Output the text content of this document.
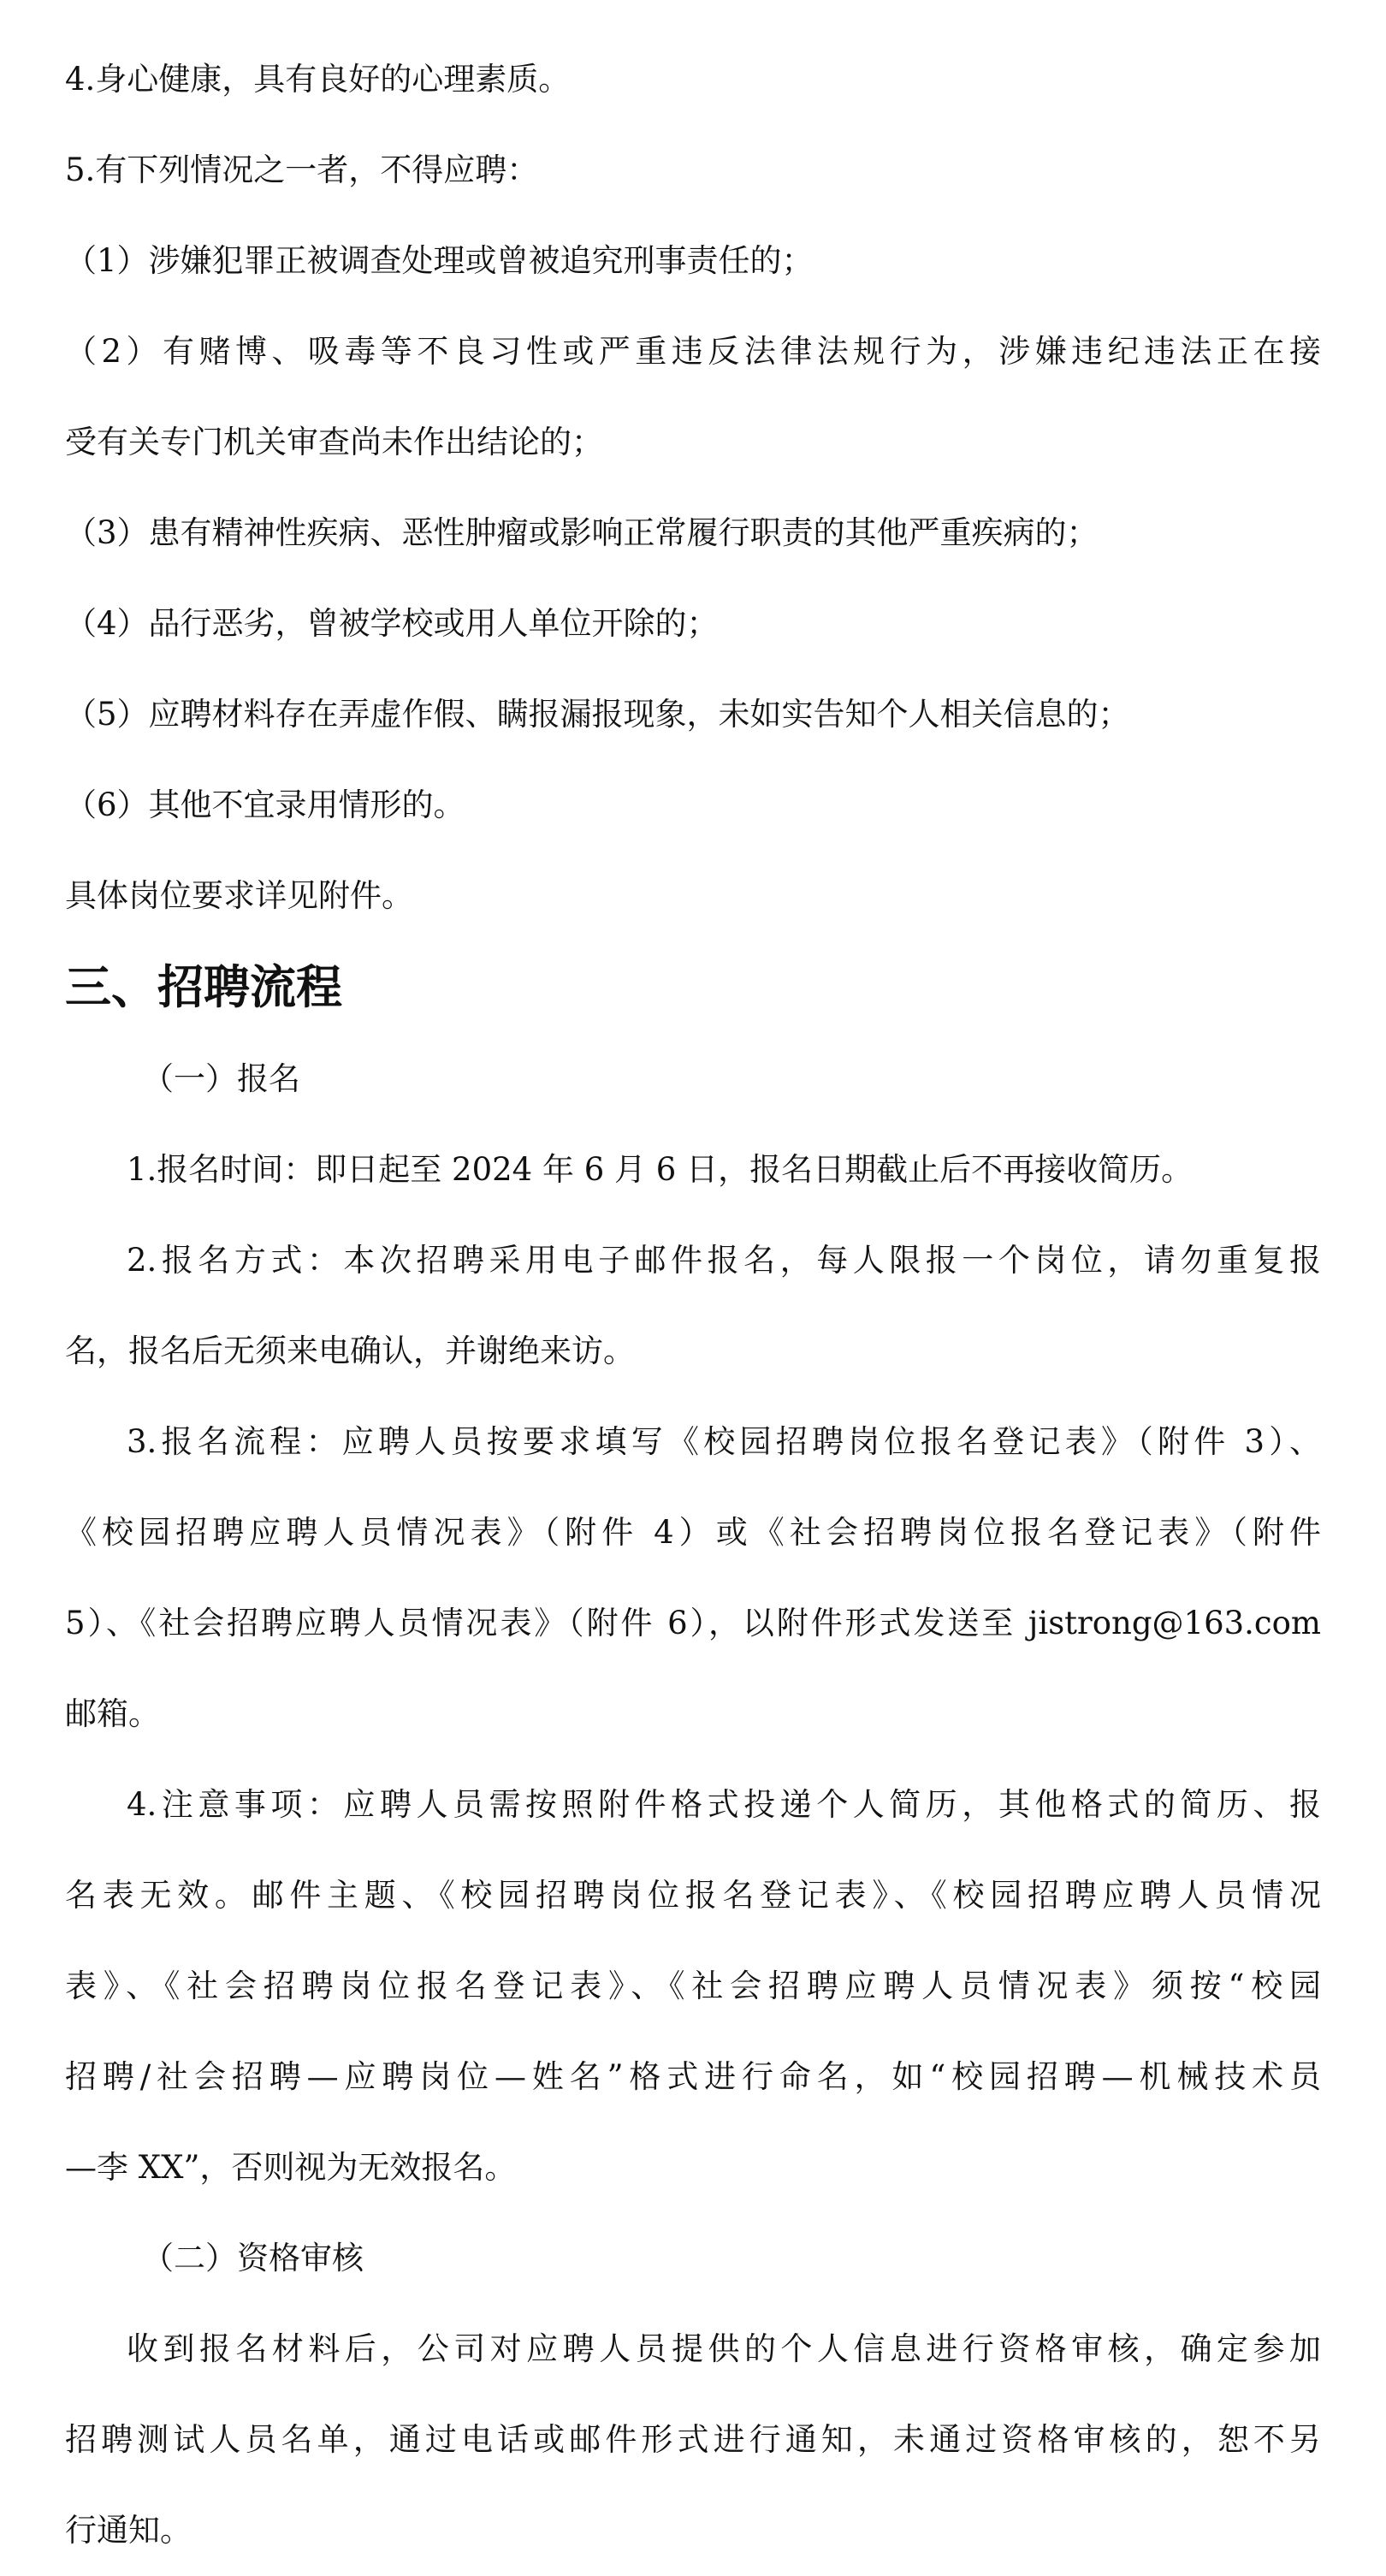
4.身心健康，具有良好的心理素质。
5.有下列情况之一者，不得应聘：
（1）涉嫌犯罪正被调查处理或曾被追究刑事责任的；
（2）有赌博、吸毒等不良习性或严重违反法律法规行为，涉嫌违纪违法正在接
受有关专门机关审查尚未作出结论的；
（3）患有精神性疾病、恶性肿瘤或影响正常履行职责的其他严重疾病的；
（4）品行恶劣，曾被学校或用人单位开除的；
（5）应聘材料存在弄虚作假、瞒报漏报现象，未如实告知个人相关信息的；
（6）其他不宜录用情形的。
具体岗位要求详见附件。
三、招聘流程
（一）报名
1.报名时间：即日起至 2024 年 6 月 6 日，报名日期截止后不再接收简历。
2.报名方式：本次招聘采用电子邮件报名，每人限报一个岗位，请勿重复报
名，报名后无须来电确认，并谢绝来访。
3.报名流程：应聘人员按要求填写《校园招聘岗位报名登记表》（附件 3）、
《校园招聘应聘人员情况表》（附件 4）或《社会招聘岗位报名登记表》（附件
5）、《社会招聘应聘人员情况表》（附件 6），以附件形式发送至 jistrong@163.com
邮箱。
4.注意事项：应聘人员需按照附件格式投递个人简历，其他格式的简历、报
名表无效。邮件主题、《校园招聘岗位报名登记表》、《校园招聘应聘人员情况
表》、《社会招聘岗位报名登记表》、《社会招聘应聘人员情况表》须按“校园
招聘/社会招聘—应聘岗位—姓名”格式进行命名，如“校园招聘—机械技术员
—李 XX”，否则视为无效报名。
（二）资格审核
收到报名材料后，公司对应聘人员提供的个人信息进行资格审核，确定参加
招聘测试人员名单，通过电话或邮件形式进行通知，未通过资格审核的，恕不另
行通知。
